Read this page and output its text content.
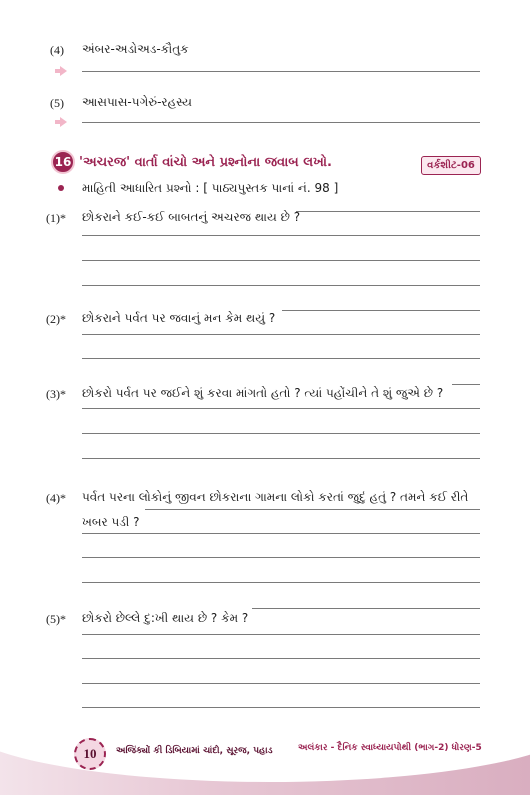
(4) અંબર-અડોઅડ-કૌતુક
(5) આસપાસ-પગેરું-રહસ્ય
16 'અચરજ' વાર્તા વાંચો અને પ્રશ્નોના જવાબ લખો.	વર્કશીટ-06
માહિતી આધારિત પ્રશ્નો : [ પાઠ્યપુસ્તક પાનાં નં. 98 ]
(1)* છોકરાને કઈ-કઈ બાબતનું અચરજ થાય છે ?
(2)* છોકરાને પર્વત પર જવાનું મન કેમ થયું ?
(3)* છોકરો પર્વત પર જઈને શું કરવા માંગતો હતો ? ત્યાં પહોંચીને તે શું જુએ છે ?
(4)* પર્વત પરના લોકોનું જીવન છોકરાના ગામના લોકો કરતાં જુદું હતું ? તમને કઈ રીતે
ખબર પડી ?
(5)* છોકરો છેલ્લે દુ:ખી થાય છે ? કેમ ?
10	અજિંક્યોં કી ડિબિયામાં ચાંદો, સૂરજ, પહાડ	અલંકાર - દૈનિક સ્વાધ્યાયપોથી (ભાગ-2) ધોરણ-5
